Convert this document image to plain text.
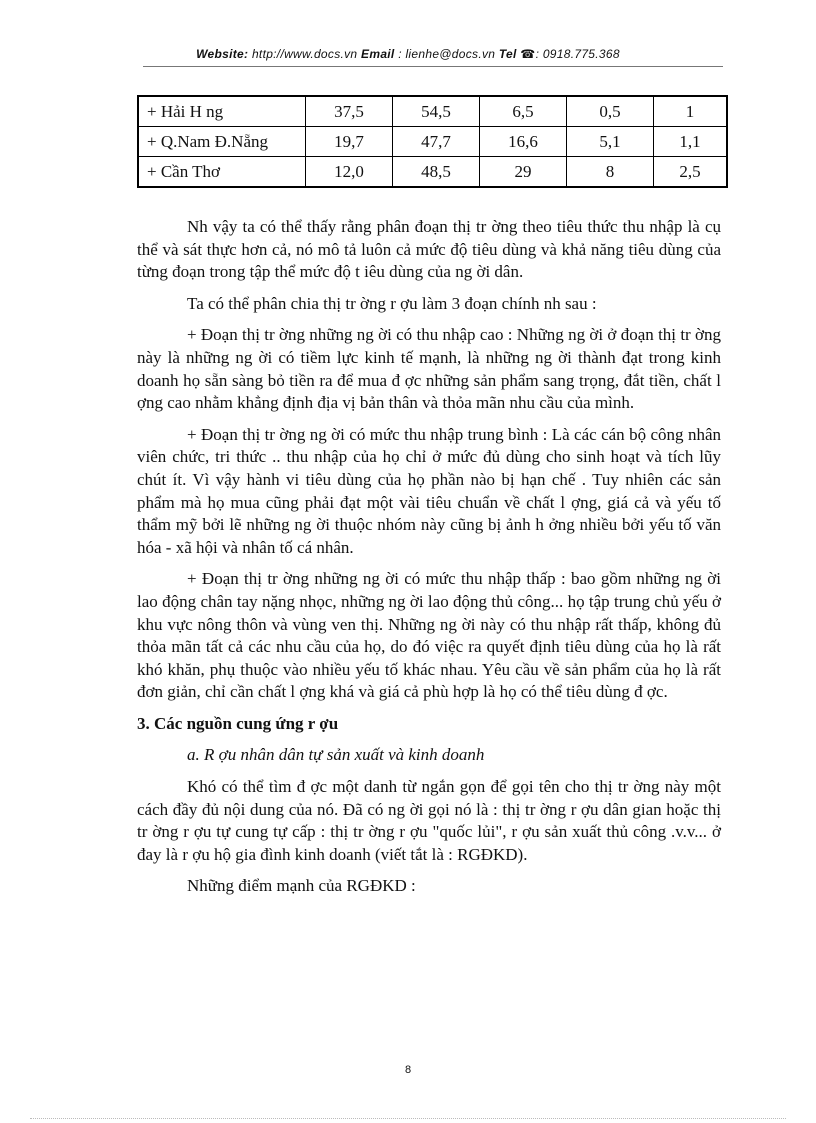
Website: http://www.docs.vn Email : lienhe@docs.vn Tel ☎: 0918.775.368
+ Hải H ng	37,5	54,5	6,5	0,5	1
+ Q.Nam Đ.Nẵng	19,7	47,7	16,6	5,1	1,1
+ Cần Thơ	12,0	48,5	29	8	2,5

Nh vậy ta có thể thấy rằng phân đoạn thị tr ờng theo tiêu thức thu nhập là cụ thể và sát thực hơn cả, nó mô tả luôn cả mức độ tiêu dùng và khả năng tiêu dùng của từng đoạn trong tập thể mức độ t iêu dùng của ng ời dân.

Ta có thể phân chia thị tr ờng r ợu làm 3 đoạn chính nh sau :

+ Đoạn thị tr ờng những ng ời có thu nhập cao : Những ng ời ở đoạn thị tr ờng này là những ng ời có tiềm lực kinh tế mạnh, là những ng ời thành đạt trong kinh doanh họ sẵn sàng bỏ tiền ra để mua đ ợc những sản phẩm sang trọng, đắt tiền, chất l ợng cao nhằm khẳng định địa vị bản thân và thỏa mãn nhu cầu của mình.

+ Đoạn thị tr ờng ng ời có mức thu nhập trung bình : Là các cán bộ công nhân viên chức, tri thức .. thu nhập của họ chỉ ở mức đủ dùng cho sinh hoạt và tích lũy chút ít. Vì vậy hành vi tiêu dùng của họ phần nào bị hạn chế . Tuy nhiên các sản phẩm mà họ mua cũng phải đạt một vài tiêu chuẩn về chất l ợng, giá cả và yếu tố thẩm mỹ bởi lẽ những ng ời thuộc nhóm này cũng bị ảnh h ởng nhiều bởi yếu tố văn hóa - xã hội và nhân tố cá nhân.

+ Đoạn thị tr ờng những ng ời có mức thu nhập thấp : bao gồm những ng ời lao động chân tay nặng nhọc, những ng ời lao động thủ công... họ tập trung chủ yếu ở khu vực nông thôn và vùng ven thị. Những ng ời này có thu nhập rất thấp, không đủ thỏa mãn tất cả các nhu cầu của họ, do đó việc ra quyết định tiêu dùng của họ là rất khó khăn, phụ thuộc vào nhiều yếu tố khác nhau. Yêu cầu về sản phẩm của họ là rất đơn giản, chỉ cần chất l ợng khá và giá cả phù hợp là họ có thể tiêu dùng đ ợc.

3. Các nguồn cung ứng r ợu
a. R ợu nhân dân tự sản xuất và kinh doanh

Khó có thể tìm đ ợc một danh từ ngắn gọn để gọi tên cho thị tr ờng này một cách đầy đủ nội dung của nó. Đã có ng ời gọi nó là : thị tr ờng r ợu dân gian hoặc thị tr ờng r ợu tự cung tự cấp : thị tr ờng r ợu "quốc lủi", r ợu sản xuất thủ công .v.v... ở đay là r ợu hộ gia đình kinh doanh (viết tắt là : RGĐKD).

Những điểm mạnh của RGĐKD :

8
